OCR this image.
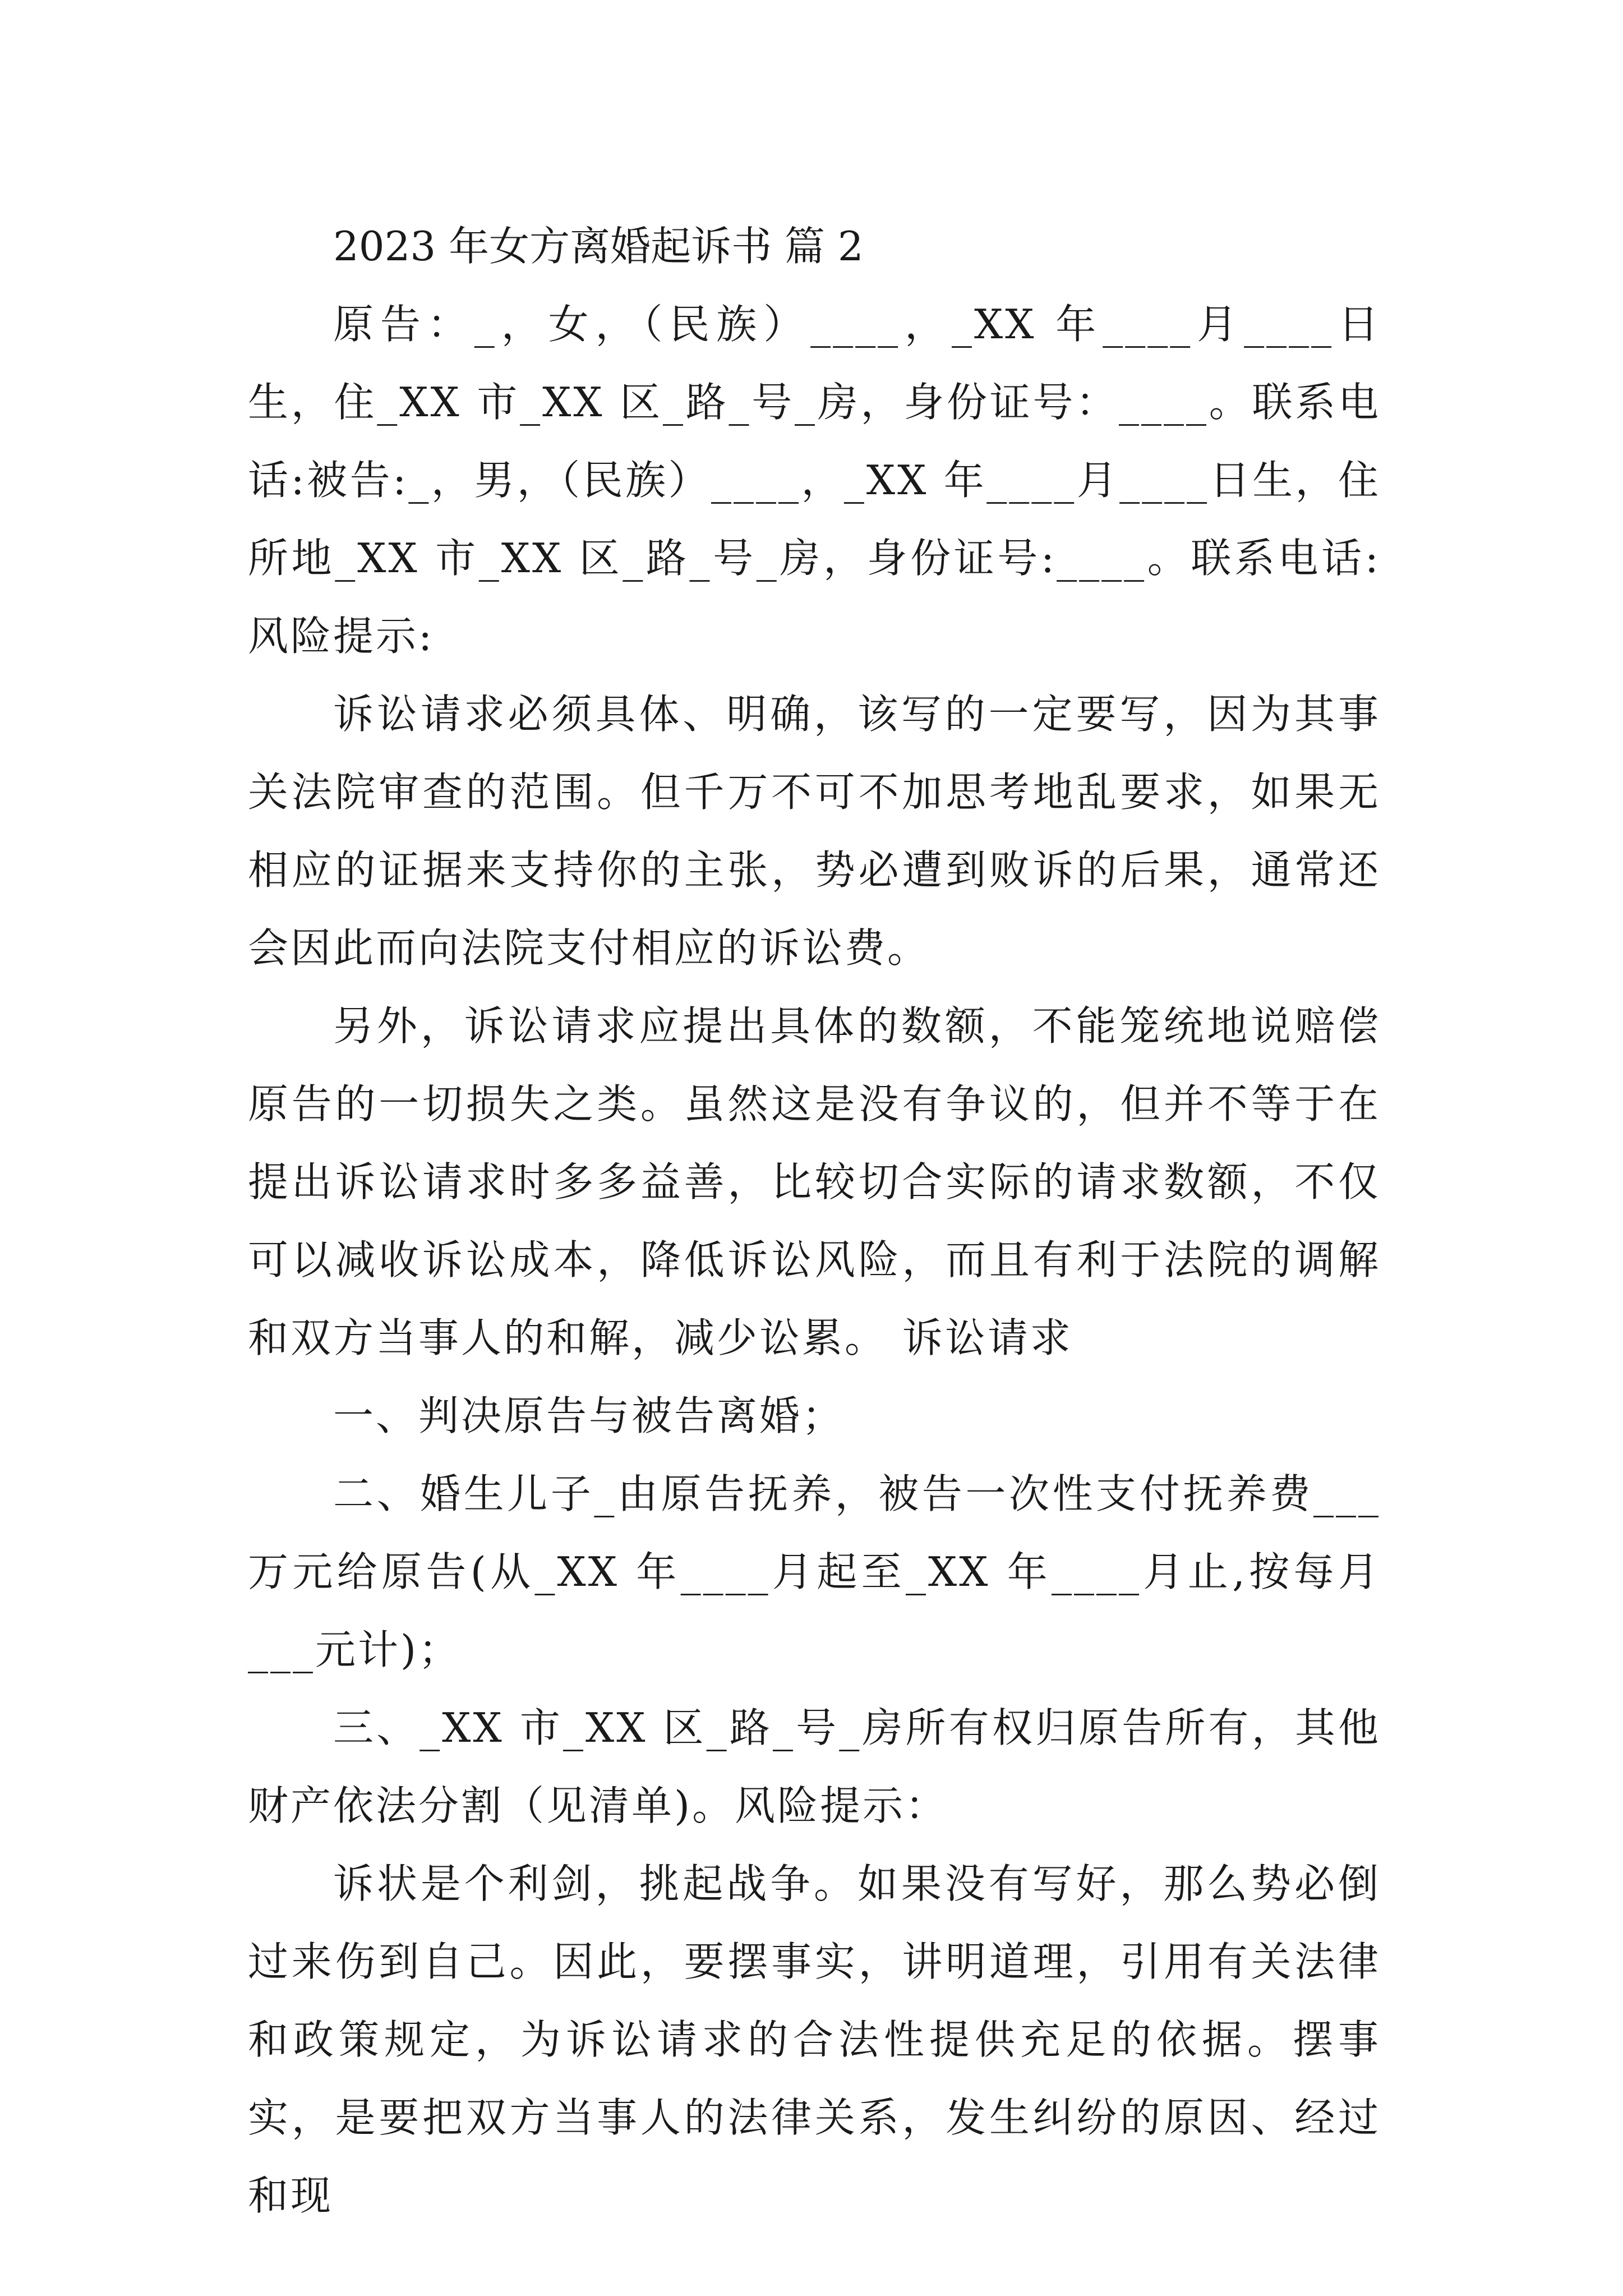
2023 年女方离婚起诉书 篇 2

原告：_，女，（民族）____，_XX 年____月____日生，住_XX 市_XX 区_路_号_房，身份证号：____。联系电话:被告:_，男，（民族）____，_XX 年____月____日生，住所地_XX 市_XX 区_路_号_房，身份证号:____。联系电话:风险提示:

诉讼请求必须具体、明确，该写的一定要写，因为其事关法院审查的范围。但千万不可不加思考地乱要求，如果无相应的证据来支持你的主张，势必遭到败诉的后果，通常还会因此而向法院支付相应的诉讼费。

另外，诉讼请求应提出具体的数额，不能笼统地说赔偿原告的一切损失之类。虽然这是没有争议的，但并不等于在提出诉讼请求时多多益善，比较切合实际的请求数额，不仅可以减收诉讼成本，降低诉讼风险，而且有利于法院的调解和双方当事人的和解，减少讼累。 诉讼请求

一、判决原告与被告离婚；

二、婚生儿子_由原告抚养，被告一次性支付抚养费___万元给原告(从_XX 年____月起至_XX 年____月止,按每月___元计)；

三、_XX 市_XX 区_路_号_房所有权归原告所有，其他财产依法分割（见清单)。风险提示：

诉状是个利剑，挑起战争。如果没有写好，那么势必倒过来伤到自己。因此，要摆事实，讲明道理，引用有关法律和政策规定，为诉讼请求的合法性提供充足的依据。摆事实，是要把双方当事人的法律关系，发生纠纷的原因、经过和现
